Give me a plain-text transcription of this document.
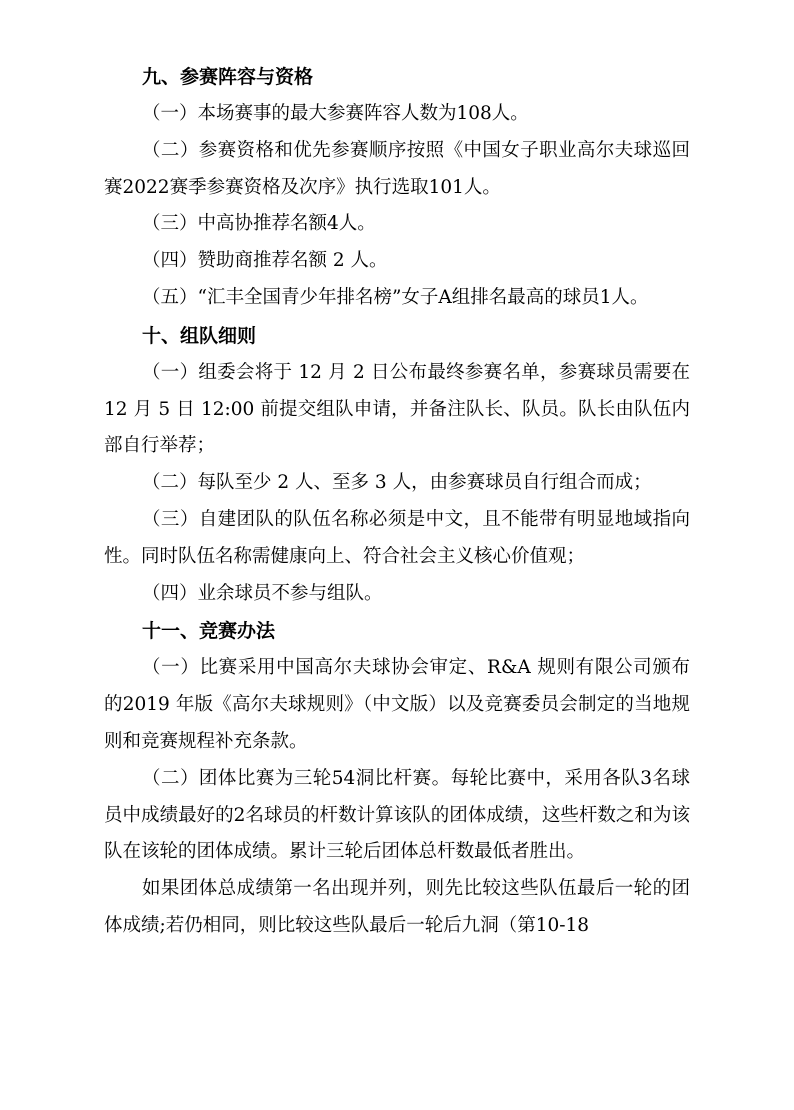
九、参赛阵容与资格

（一）本场赛事的最大参赛阵容人数为108人。

（二）参赛资格和优先参赛顺序按照《中国女子职业高尔夫球巡回赛2022赛季参赛资格及次序》执行选取101人。

（三）中高协推荐名额4人。

（四）赞助商推荐名额 2 人。

（五）“汇丰全国青少年排名榜”女子A组排名最高的球员1人。

十、组队细则

（一）组委会将于 12 月 2 日公布最终参赛名单，参赛球员需要在 12 月 5 日 12:00 前提交组队申请，并备注队长、队员。队长由队伍内部自行举荐；

（二）每队至少 2 人、至多 3 人，由参赛球员自行组合而成；

（三）自建团队的队伍名称必须是中文，且不能带有明显地域指向性。同时队伍名称需健康向上、符合社会主义核心价值观；

（四）业余球员不参与组队。

十一、竞赛办法

（一）比赛采用中国高尔夫球协会审定、R&A 规则有限公司颁布的2019 年版《高尔夫球规则》（中文版）以及竞赛委员会制定的当地规则和竞赛规程补充条款。

（二）团体比赛为三轮54洞比杆赛。每轮比赛中，采用各队3名球员中成绩最好的2名球员的杆数计算该队的团体成绩，这些杆数之和为该队在该轮的团体成绩。累计三轮后团体总杆数最低者胜出。

如果团体总成绩第一名出现并列，则先比较这些队伍最后一轮的团体成绩;若仍相同，则比较这些队最后一轮后九洞（第10-18
